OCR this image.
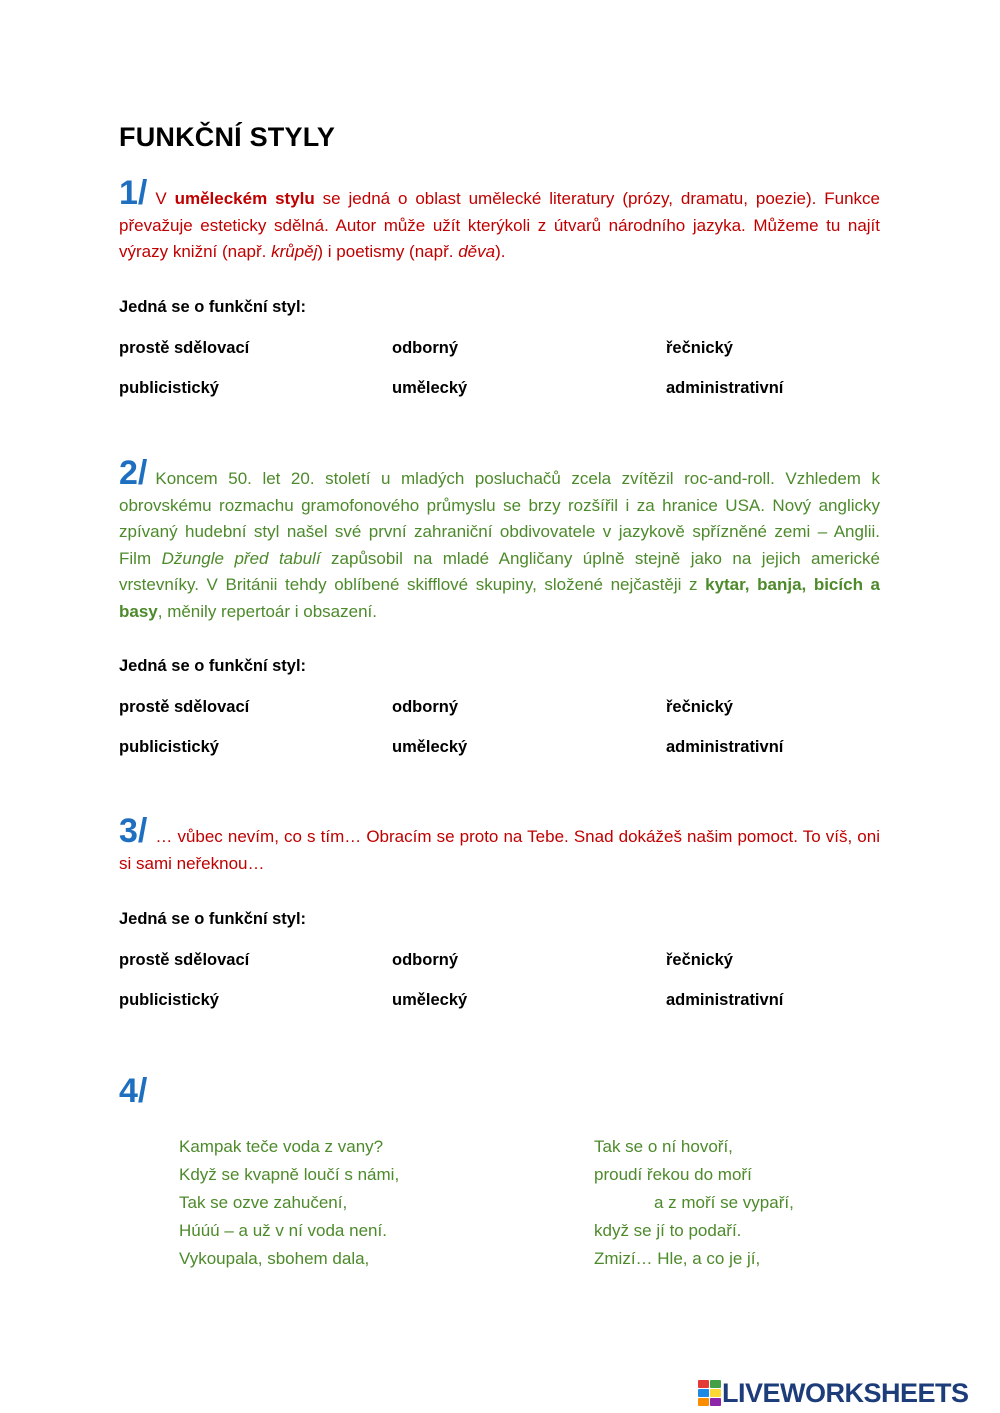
FUNKČNÍ STYLY

1/ V uměleckém stylu se jedná o oblast umělecké literatury (prózy, dramatu, poezie). Funkce převažuje esteticky sdělná. Autor může užít kterýkoli z útvarů národního jazyka. Můžeme tu najít výrazy knižní (např. krůpěj) i poetismy (např. děva).

Jedná se o funkční styl:

prostě sdělovací	odborný	řečnický
publicistický	umělecký	administrativní

2/ Koncem 50. let 20. století u mladých posluchačů zcela zvítězil roc-and-roll. Vzhledem k obrovskému rozmachu gramofonového průmyslu se brzy rozšířil i za hranice USA. Nový anglicky zpívaný hudební styl našel své první zahraniční obdivovatele v jazykově spřízněné zemi – Anglii. Film Džungle před tabulí zapůsobil na mladé Angličany úplně stejně jako na jejich americké vrstevníky. V Británii tehdy oblíbené skifflové skupiny, složené nejčastěji z kytar, banja, bicích a basy, měnily repertoár i obsazení.

Jedná se o funkční styl:

prostě sdělovací	odborný	řečnický
publicistický	umělecký	administrativní

3/ … vůbec nevím, co s tím… Obracím se proto na Tebe. Snad dokážeš našim pomoct. To víš, oni si sami neřeknou…

Jedná se o funkční styl:

prostě sdělovací	odborný	řečnický
publicistický	umělecký	administrativní
4/
Kampak teče voda z vany?
Když se kvapně loučí s námi,
Tak se ozve zahučení,
Húúú – a už v ní voda není.
Vykoupala, sbohem dala,
Tak se o ní hovoří,
proudí řekou do moří
a z moří se vypaří,
když se jí to podaří.
Zmizí… Hle, a co je jí,
LIVEWORKSHEETS
